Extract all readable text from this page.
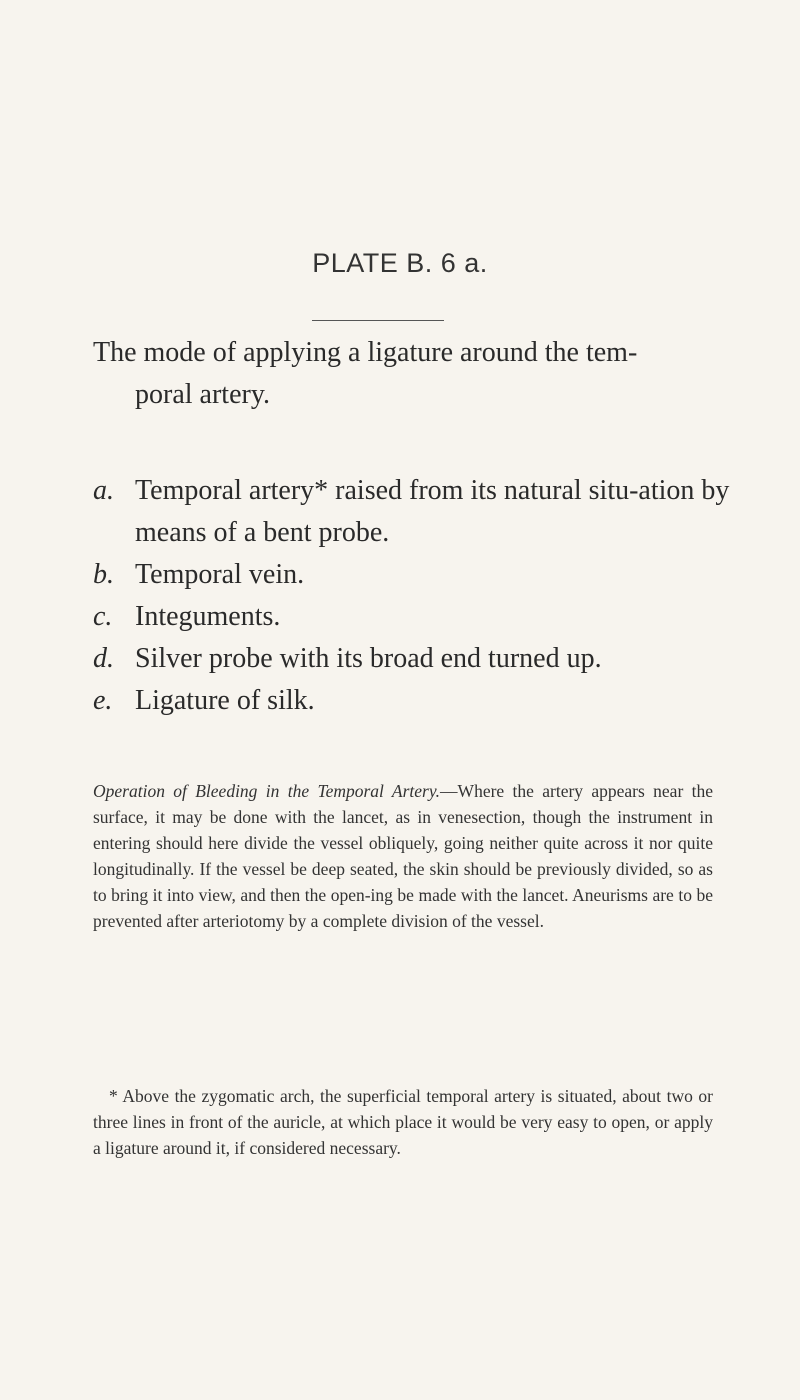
PLATE B. 6 a.
The mode of applying a ligature around the tem-
poral artery.
a. Temporal artery* raised from its natural situ-ation by means of a bent probe.
b. Temporal vein.
c. Integuments.
d. Silver probe with its broad end turned up.
e. Ligature of silk.

Operation of Bleeding in the Temporal Artery.—Where the artery appears near the surface, it may be done with the lancet, as in venesection, though the instrument in entering should here divide the vessel obliquely, going neither quite across it nor quite longitudinally. If the vessel be deep seated, the skin should be previously divided, so as to bring it into view, and then the open-ing be made with the lancet. Aneurisms are to be prevented after arteriotomy by a complete division of the vessel.

* Above the zygomatic arch, the superficial temporal artery is situated, about two or three lines in front of the auricle, at which place it would be very easy to open, or apply a ligature around it, if considered necessary.
